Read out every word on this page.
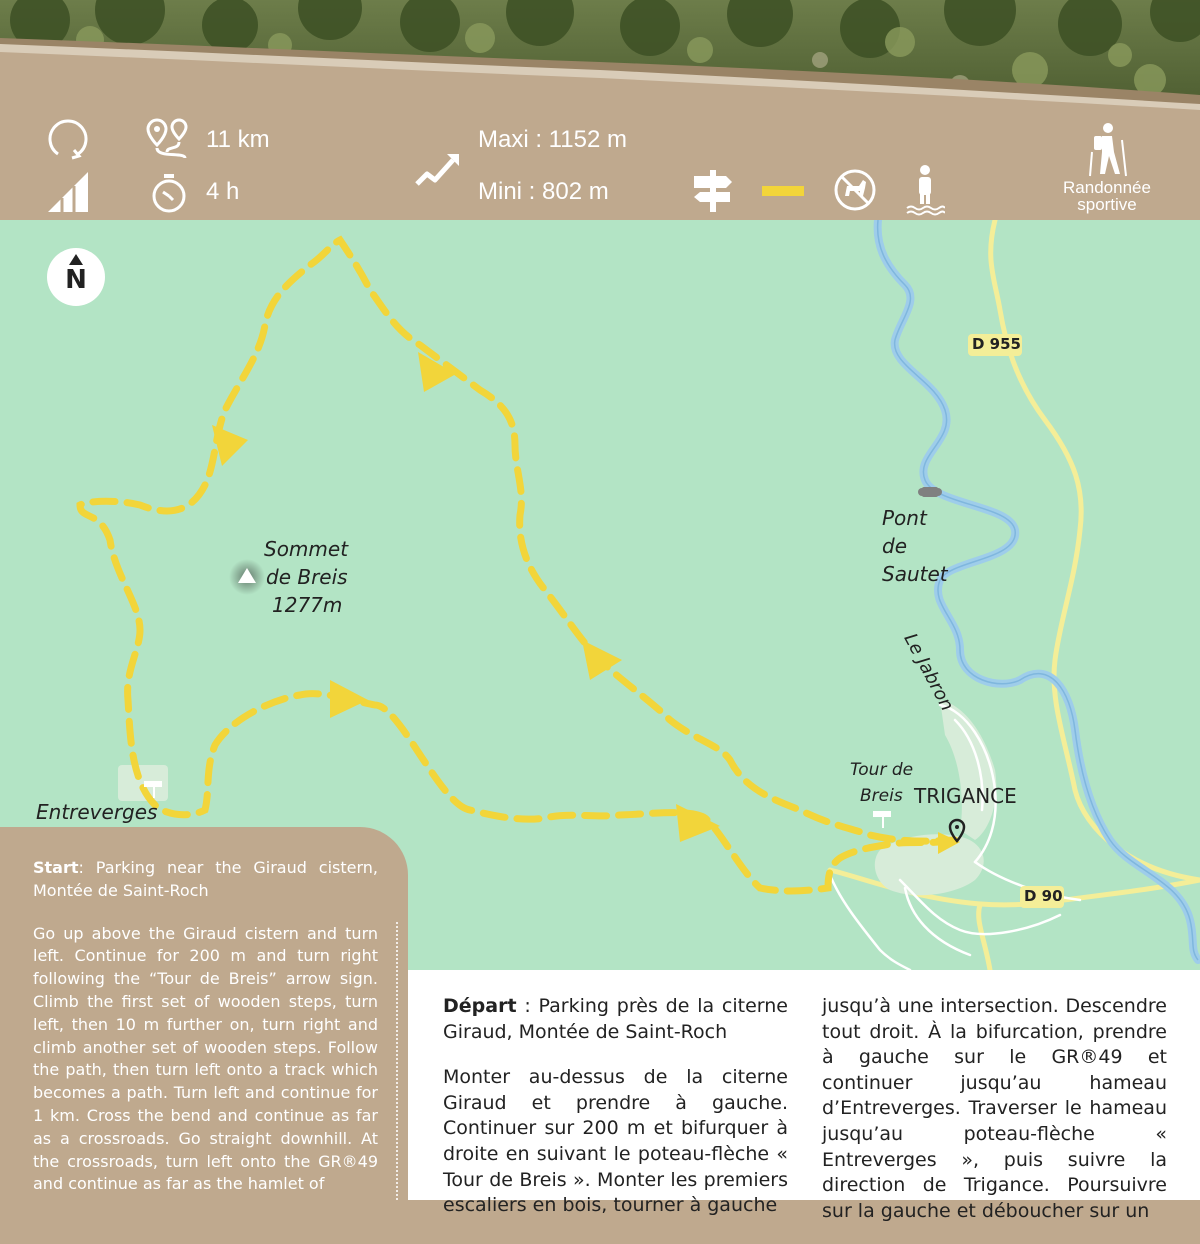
11 km
4 h
Maxi : 1152 m
Mini : 802 m	Randonnée
sportive
N
Sommet
de Breis
1277m
Entreverges
Pont
de
Sautet
Le Jabron
Tour de
Breis TRIGANCE
D 955
D 90

Start: Parking near the Giraud cistern, Montée de Saint-Roch

Go up above the Giraud cistern and turn left. Continue for 200 m and turn right following the “Tour de Breis” arrow sign. Climb the first set of wooden steps, turn left, then 10 m further on, turn right and climb another set of wooden steps. Follow the path, then turn left onto a track which becomes a path. Turn left and continue for 1 km. Cross the bend and continue as far as a crossroads. Go straight downhill. At the crossroads, turn left onto the GR®49 and continue as far as the hamlet of

Départ : Parking près de la citerne Giraud, Montée de Saint-Roch

Monter au-dessus de la citerne Giraud et prendre à gauche. Continuer sur 200 m et bifurquer à droite en suivant le poteau-flèche « Tour de Breis ». Monter les premiers escaliers en bois, tourner à gauche

jusqu’à une intersection. Descendre tout droit. À la bifurcation, prendre à gauche sur le GR®49 et continuer jusqu’au hameau d’Entreverges. Traverser le hameau jusqu’au poteau-flèche « Entreverges », puis suivre la direction de Trigance. Poursuivre sur la gauche et déboucher sur un
